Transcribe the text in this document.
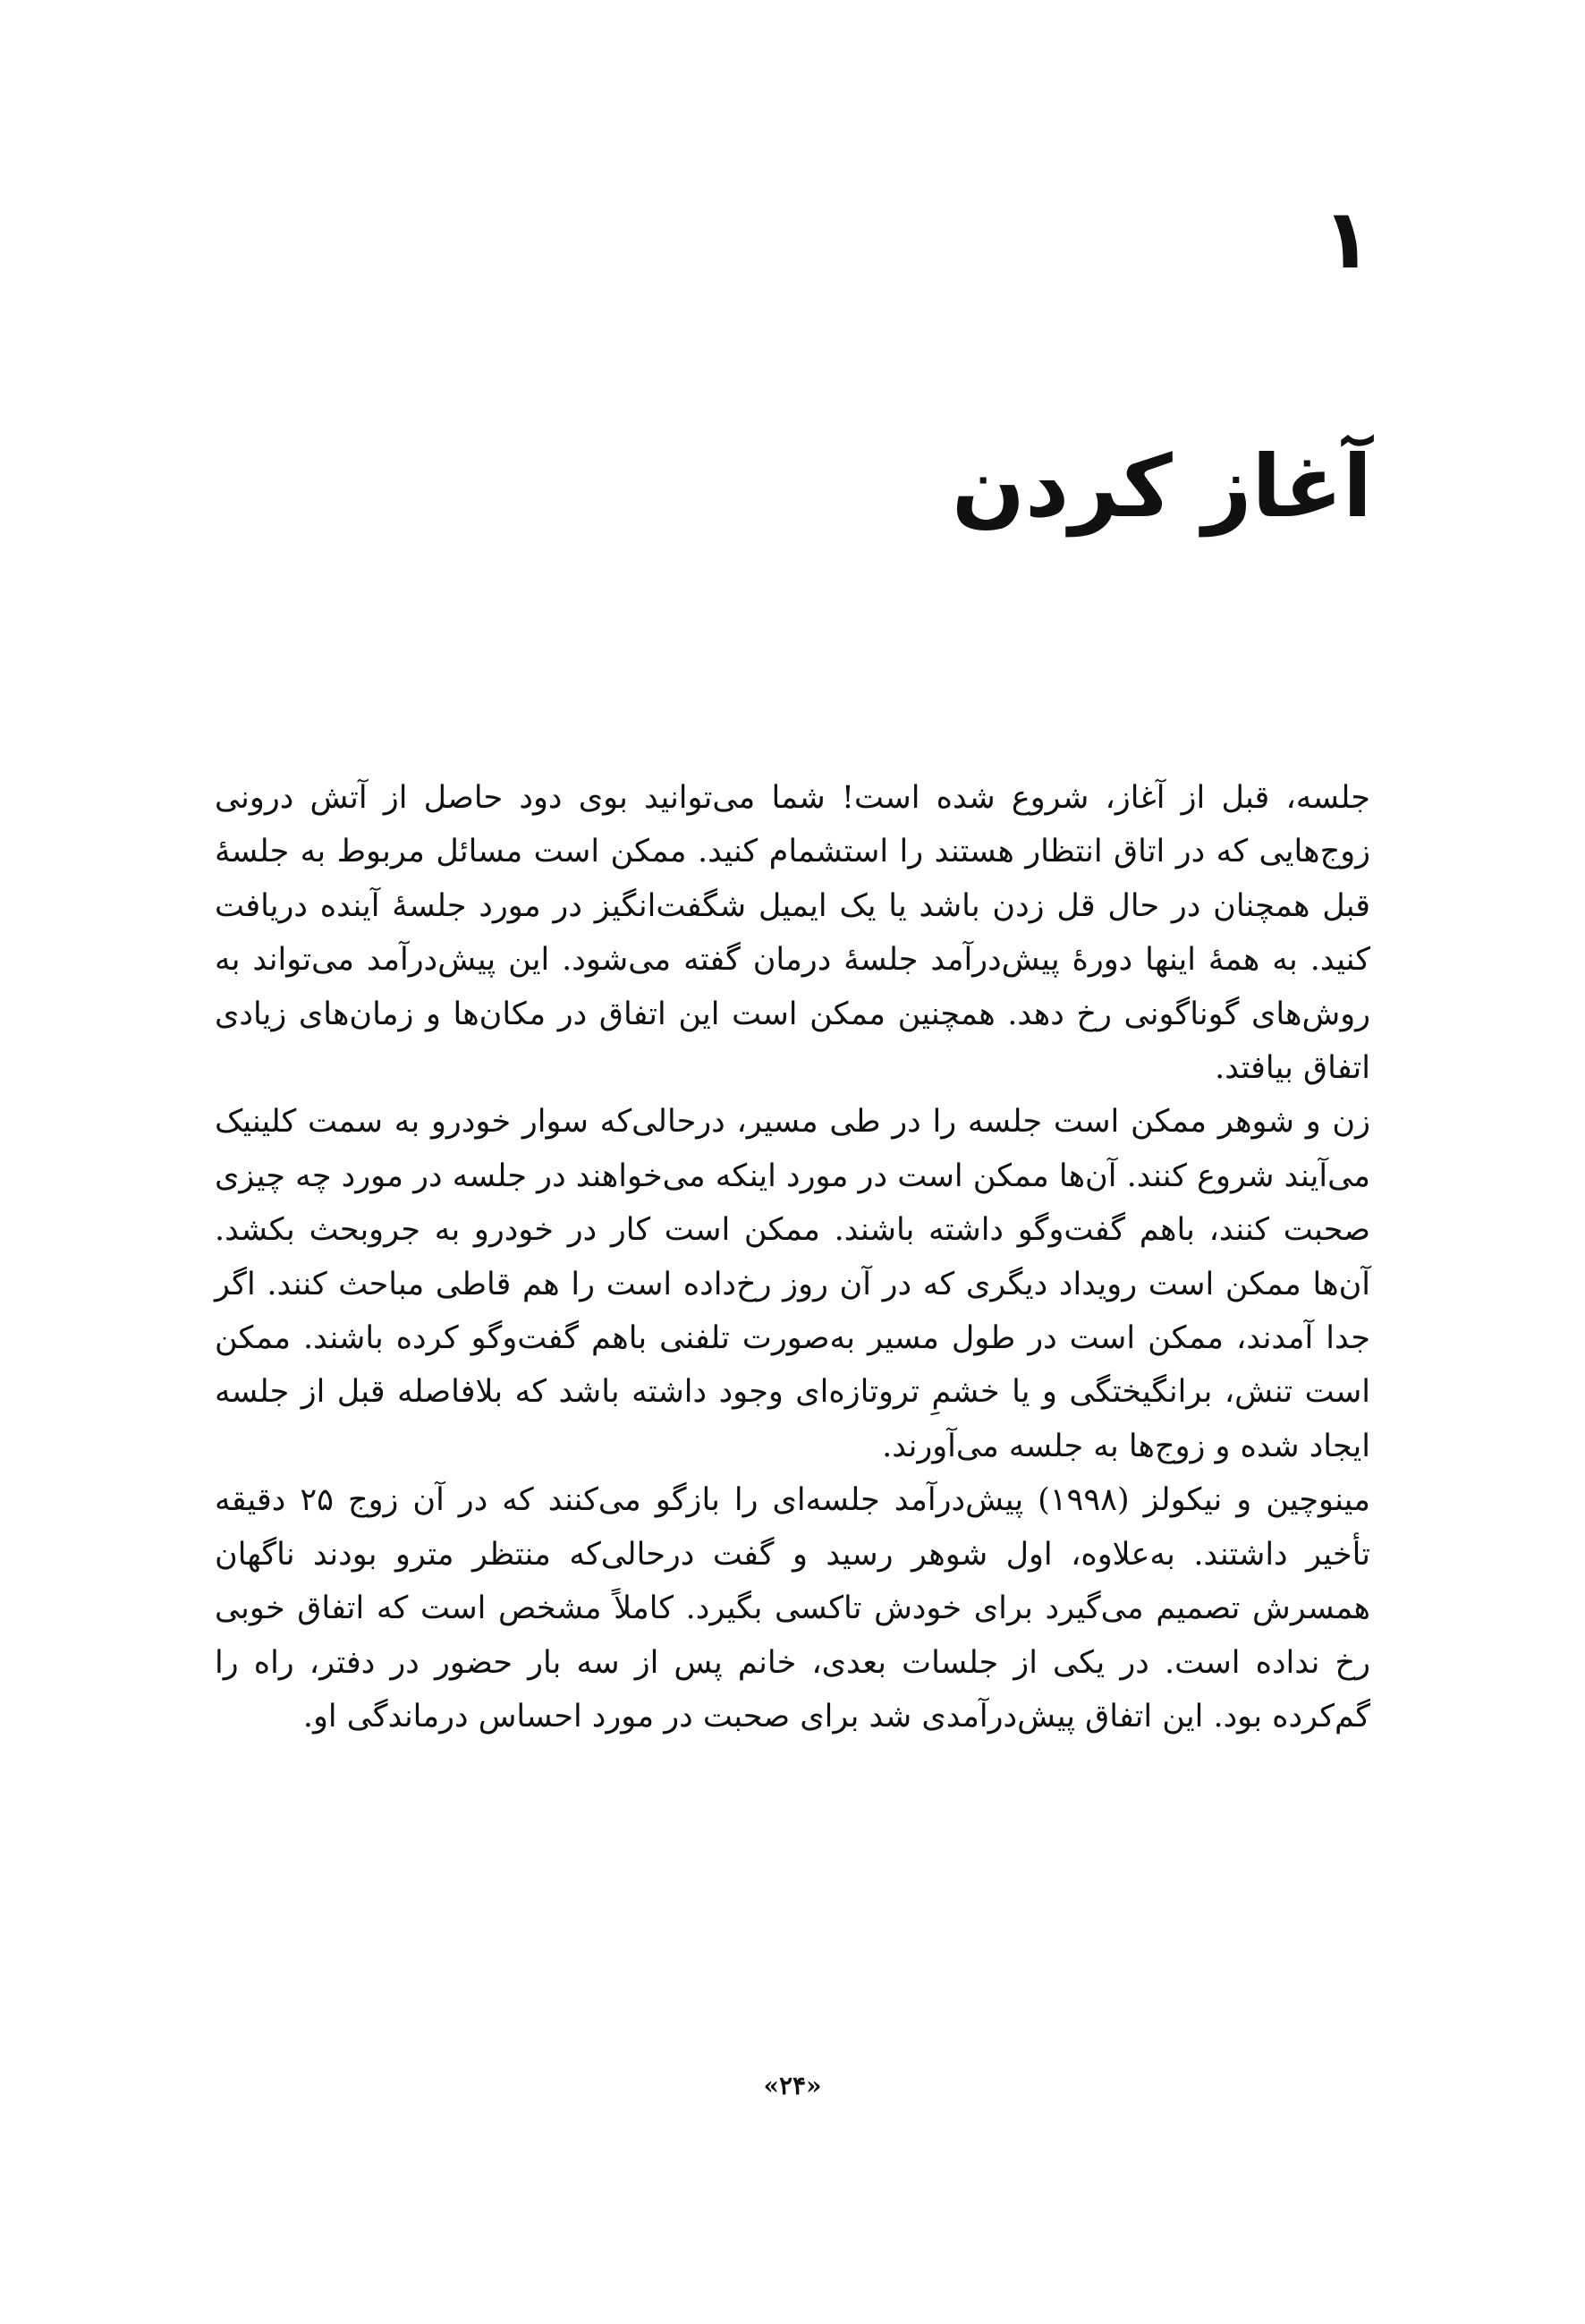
۱
آغاز کردن

جلسه، قبل از آغاز، شروع شده است! شما می‌توانید بوی دود حاصل از آتش درونی زوج‌هایی که در اتاق انتظار هستند را استشمام کنید. ممکن است مسائل مربوط به جلسهٔ قبل همچنان در حال قل زدن باشد یا یک ایمیل شگفت‌انگیز در مورد جلسهٔ آینده دریافت کنید. به همهٔ اینها دورهٔ پیش‌درآمد جلسهٔ درمان گفته می‌شود. این پیش‌درآمد می‌تواند به روش‌های گوناگونی رخ دهد. همچنین ممکن است این اتفاق در مکان‌ها و زمان‌های زیادی اتفاق بیافتد.

زن و شوهر ممکن است جلسه را در طی مسیر، درحالی‌که سوار خودرو به سمت کلینیک می‌آیند شروع کنند. آن‌ها ممکن است در مورد اینکه می‌خواهند در جلسه در مورد چه چیزی صحبت کنند، باهم گفت‌وگو داشته باشند. ممکن است کار در خودرو به جروبحث بکشد. آن‌ها ممکن است رویداد دیگری که در آن روز رخ‌داده است را هم قاطی مباحث کنند. اگر جدا آمدند، ممکن است در طول مسیر به‌صورت تلفنی باهم گفت‌وگو کرده باشند. ممکن است تنش، برانگیختگی و یا خشمِ تروتازه‌ای وجود داشته باشد که بلافاصله قبل از جلسه ایجاد شده و زوج‌ها به جلسه می‌آورند.

مینوچین و نیکولز (۱۹۹۸) پیش‌درآمد جلسه‌ای را بازگو می‌کنند که در آن زوج ۲۵ دقیقه تأخیر داشتند. به‌علاوه، اول شوهر رسید و گفت درحالی‌که منتظر مترو بودند ناگهان همسرش تصمیم می‌گیرد برای خودش تاکسی بگیرد. کاملاً مشخص است که اتفاق خوبی رخ نداده است. در یکی از جلسات بعدی، خانم پس از سه بار حضور در دفتر، راه را گم‌کرده بود. این اتفاق پیش‌درآمدی شد برای صحبت در مورد احساس درماندگی او.

«۲۴»
